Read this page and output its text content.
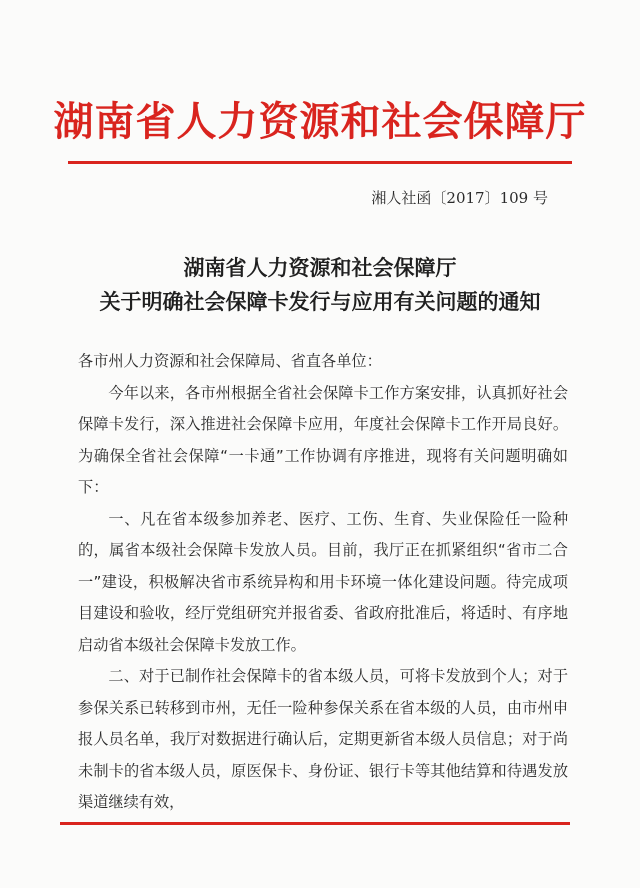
湖南省人力资源和社会保障厅
湘人社函〔2017〕109 号
湖南省人力资源和社会保障厅
关于明确社会保障卡发行与应用有关问题的通知

各市州人力资源和社会保障局、省直各单位：

今年以来，各市州根据全省社会保障卡工作方案安排，认真抓好社会保障卡发行，深入推进社会保障卡应用，年度社会保障卡工作开局良好。为确保全省社会保障“一卡通”工作协调有序推进，现将有关问题明确如下：

一、凡在省本级参加养老、医疗、工伤、生育、失业保险任一险种的，属省本级社会保障卡发放人员。目前，我厅正在抓紧组织“省市二合一”建设，积极解决省市系统异构和用卡环境一体化建设问题。待完成项目建设和验收，经厅党组研究并报省委、省政府批准后，将适时、有序地启动省本级社会保障卡发放工作。

二、对于已制作社会保障卡的省本级人员，可将卡发放到个人；对于参保关系已转移到市州，无任一险种参保关系在省本级的人员，由市州申报人员名单，我厅对数据进行确认后，定期更新省本级人员信息；对于尚未制卡的省本级人员，原医保卡、身份证、银行卡等其他结算和待遇发放渠道继续有效，
